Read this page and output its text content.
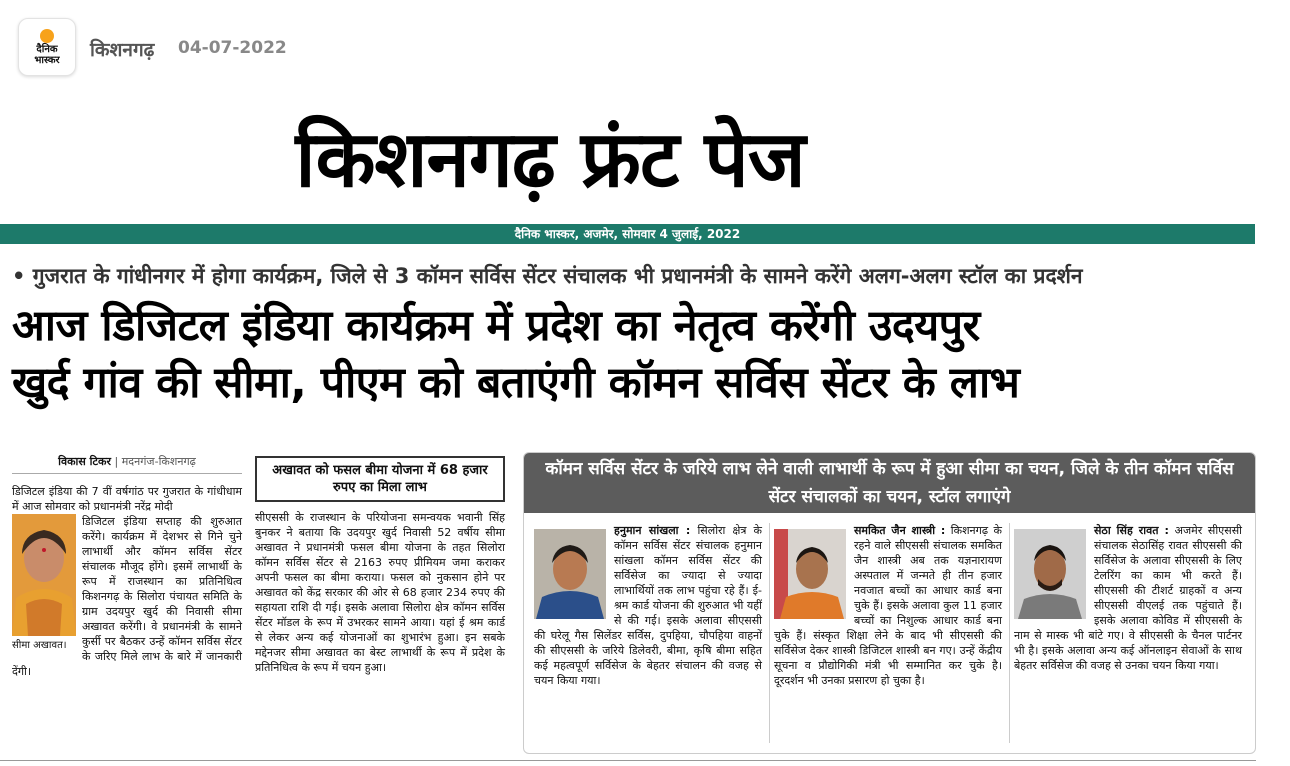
दैनिक
भास्कर किशनगढ़ 04-07-2022
किशनगढ़ फ्रंट पेज
दैनिक भास्कर, अजमेर, सोमवार 4 जुलाई, 2022
• गुजरात के गांधीनगर में होगा कार्यक्रम, जिले से 3 कॉमन सर्विस सेंटर संचालक भी प्रधानमंत्री के सामने करेंगे अलग-अलग स्टॉल का प्रदर्शन
आज डिजिटल इंडिया कार्यक्रम में प्रदेश का नेतृत्व करेंगी उदयपुर
खुर्द गांव की सीमा, पीएम को बताएंगी कॉमन सर्विस सेंटर के लाभ
विकास टिकर | मदनगंज-किशनगढ़
डिजिटल इंडिया की 7 वीं वर्षगांठ पर गुजरात के गांधीधाम में आज सोमवार को प्रधानमंत्री नरेंद्र मोदी
सीमा अखावत।

डिजिटल इंडिया सप्ताह की शुरुआत करेंगे। कार्यक्रम में देशभर से गिने चुने लाभार्थी और कॉमन सर्विस सेंटर संचालक मौजूद होंगे। इसमें लाभार्थी के रूप में राजस्थान का प्रतिनिधित्व किशनगढ़ के सिलोरा पंचायत समिति के ग्राम उदयपुर खुर्द की निवासी सीमा अखावत करेंगी। वे प्रधानमंत्री के सामने कुर्सी पर बैठकर उन्हें कॉमन सर्विस सेंटर के जरिए मिले लाभ के बारे में जानकारी देंगी।

अखावत को फसल बीमा योजना में 68 हजार रुपए का मिला लाभ

सीएससी के राजस्थान के परियोजना समन्वयक भवानी सिंह बुनकर ने बताया कि उदयपुर खुर्द निवासी 52 वर्षीय सीमा अखावत ने प्रधानमंत्री फसल बीमा योजना के तहत सिलोरा कॉमन सर्विस सेंटर से 2163 रुपए प्रीमियम जमा कराकर अपनी फसल का बीमा कराया। फसल को नुकसान होने पर अखावत को केंद्र सरकार की ओर से 68 हजार 234 रुपए की सहायता राशि दी गई। इसके अलावा सिलोरा क्षेत्र कॉमन सर्विस सेंटर मॉडल के रूप में उभरकर सामने आया। यहां ई श्रम कार्ड से लेकर अन्य कई योजनाओं का शुभारंभ हुआ। इन सबके मद्देनजर सीमा अखावत का बेस्ट लाभार्थी के रूप में प्रदेश के प्रतिनिधित्व के रूप में चयन हुआ।

कॉमन सर्विस सेंटर के जरिये लाभ लेने वाली लाभार्थी के रूप में हुआ सीमा का चयन, जिले के तीन कॉमन सर्विस सेंटर संचालकों का चयन, स्टॉल लगाएंगे

हनुमान सांखला : सिलोरा क्षेत्र के कॉमन सर्विस सेंटर संचालक हनुमान सांखला कॉमन सर्विस सेंटर की सर्विसेज का ज्यादा से ज्यादा लाभार्थियों तक लाभ पहुंचा रहे हैं। ई-श्रम कार्ड योजना की शुरुआत भी यहीं से की गई। इसके अलावा सीएससी की घरेलू गैस सिलेंडर सर्विस, दुपहिया, चौपहिया वाहनों की सीएससी के जरिये डिलेवरी, बीमा, कृषि बीमा सहित कई महत्वपूर्ण सर्विसेज के बेहतर संचालन की वजह से चयन किया गया।

समकित जैन शास्त्री : किशनगढ़ के रहने वाले सीएससी संचालक समकित जैन शास्त्री अब तक यज्ञनारायण अस्पताल में जन्मते ही तीन हजार नवजात बच्चों का आधार कार्ड बना चुके हैं। इसके अलावा कुल 11 हजार बच्चों का निशुल्क आधार कार्ड बना चुके हैं। संस्कृत शिक्षा लेने के बाद भी सीएससी की सर्विसेज देकर शास्त्री डिजिटल शास्त्री बन गए। उन्हें केंद्रीय सूचना व प्रौद्योगिकी मंत्री भी सम्मानित कर चुके है। दूरदर्शन भी उनका प्रसारण हो चुका है।

सेठा सिंह रावत : अजमेर सीएससी संचालक सेठासिंह रावत सीएससी की सर्विसेज के अलावा सीएससी के लिए टेलरिंग का काम भी करते हैं। सीएससी की टीशर्ट ग्राहकों व अन्य सीएससी वीएलई तक पहुंचाते हैं। इसके अलावा कोविड में सीएससी के नाम से मास्क भी बांटे गए। वे सीएससी के चैनल पार्टनर भी है। इसके अलावा अन्य कई ऑनलाइन सेवाओं के साथ बेहतर सर्विसेज की वजह से उनका चयन किया गया।
